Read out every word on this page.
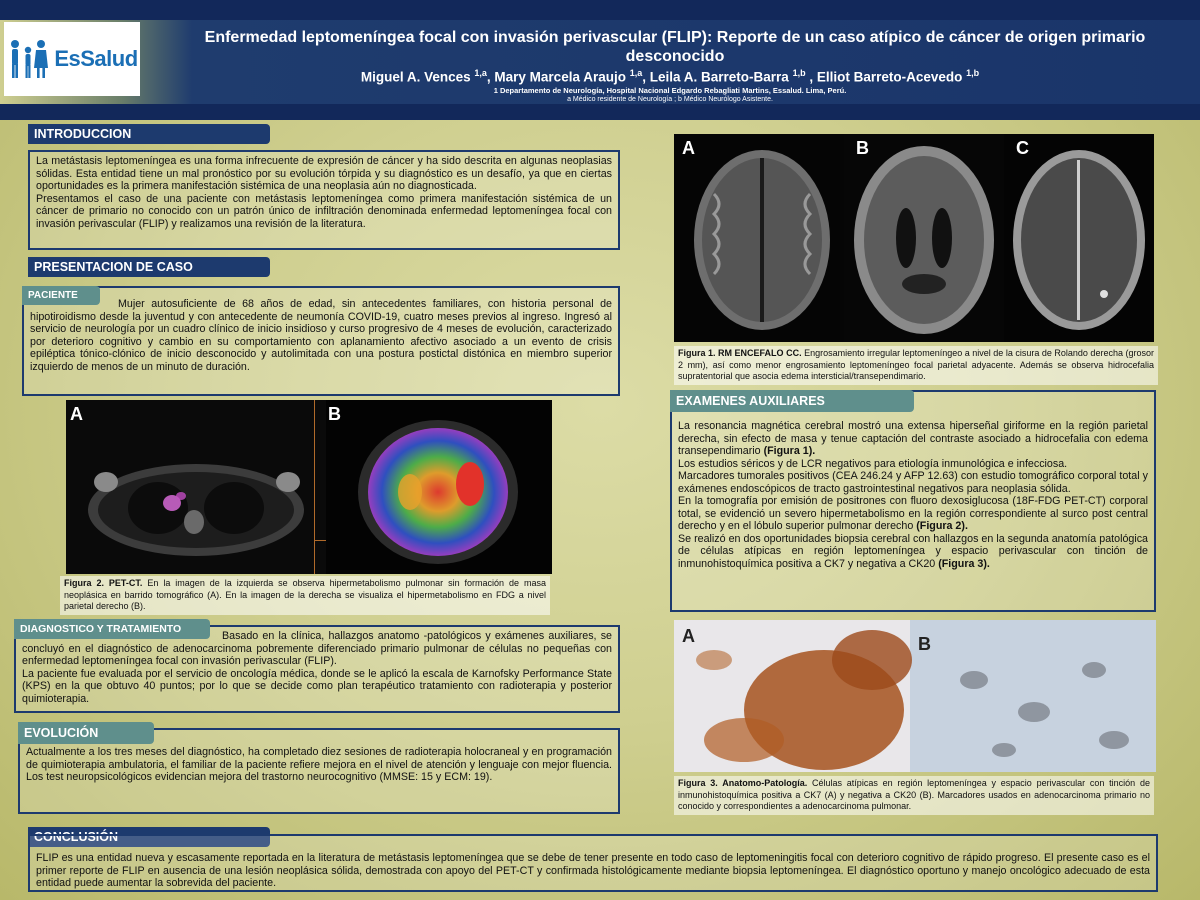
EsSalud
Enfermedad leptomeníngea focal con invasión perivascular (FLIP): Reporte de un caso atípico de cáncer de origen primario
desconocido
Miguel A. Vences $^{1,a}$, Mary Marcela Araujo $^{1,a}$, Leila A. Barreto-Barra $^{1,b}$ , Elliot Barreto-Acevedo $^{1,b}$
1 Departamento de Neurología, Hospital Nacional Edgardo Rebagliati Martins, Essalud. Lima, Perú.
a Médico residente de Neurología ; b Médico Neurólogo Asistente.
INTRODUCCION

La metástasis leptomeníngea es una forma infrecuente de expresión de cáncer y ha sido descrita en algunas neoplasias sólidas. Esta entidad tiene un mal pronóstico por su evolución tórpida y su diagnóstico es un desafío, ya que en ciertas oportunidades es la primera manifestación sistémica de una neoplasia aún no diagnosticada.

Presentamos el caso de una paciente con metástasis leptomeníngea como primera manifestación sistémica de un cáncer de primario no conocido con un patrón único de infiltración denominada enfermedad leptomeníngea focal con invasión perivascular (FLIP) y realizamos una revisión de la literatura.

PRESENTACION DE CASO

Mujer autosuficiente de 68 años de edad, sin antecedentes familiares, con historia personal de hipotiroidismo desde la juventud y con antecedente de neumonía COVID-19, cuatro meses previos al ingreso. Ingresó al servicio de neurología por un cuadro clínico de inicio insidioso y curso progresivo de 4 meses de evolución, caracterizado por deterioro cognitivo y cambio en su comportamiento con aplanamiento afectivo asociado a un evento de crisis epiléptica tónico-clónico de inicio desconocido y autolimitada con una postura postictal distónica en miembro superior izquierdo de menos de un minuto de duración.

PACIENTE
A	B
Figura 2. PET-CT. En la imagen de la izquierda se observa hipermetabolismo pulmonar sin formación de masa neoplásica en barrido tomográfico (A). En la imagen de la derecha se visualiza el hipermetabolismo en FDG a nivel parietal derecho (B).

Basado en la clínica, hallazgos anatomo -patológicos y exámenes auxiliares, se concluyó en el diagnóstico de adenocarcinoma pobremente diferenciado primario pulmonar de células no pequeñas con enfermedad leptomeníngea focal con invasión perivascular (FLIP).

La paciente fue evaluada por el servicio de oncología médica, donde se le aplicó la escala de Karnofsky Performance State (KPS) en la que obtuvo 40 puntos; por lo que se decide como plan terapéutico tratamiento con radioterapia y posterior quimioterapia.

DIAGNOSTICO Y TRATAMIENTO

Actualmente a los tres meses del diagnóstico, ha completado diez sesiones de radioterapia holocraneal y en programación de quimioterapia ambulatoria, el familiar de la paciente refiere mejora en el nivel de atención y lenguaje con mejor fluencia. Los test neuropsicológicos evidencian mejora del trastorno neurocognitivo (MMSE: 15 y ECM: 19).

EVOLUCIÓN
A	B	C
Figura 1. RM ENCEFALO CC. Engrosamiento irregular leptomeníngeo a nivel de la cisura de Rolando derecha (grosor 2 mm), así como menor engrosamiento leptomeníngeo focal parietal adyacente. Además se observa hidrocefalia supratentorial que asocia edema intersticial/transependimario.

La resonancia magnética cerebral mostró una extensa hiperseñal giriforme en la región parietal derecha, sin efecto de masa y tenue captación del contraste asociado a hidrocefalia con edema transependimario (Figura 1).

Los estudios séricos y de LCR negativos para etiología inmunológica e infecciosa.

Marcadores tumorales positivos (CEA 246.24 y AFP 12.63) con estudio tomográfico corporal total y exámenes endoscópicos de tracto gastrointestinal negativos para neoplasia sólida.

En la tomografía por emisión de positrones con fluoro dexosiglucosa (18F-FDG PET-CT) corporal total, se evidenció un severo hipermetabolismo en la región correspondiente al surco post central derecho y en el lóbulo superior pulmonar derecho (Figura 2).

Se realizó en dos oportunidades biopsia cerebral con hallazgos en la segunda anatomía patológica de células atípicas en región leptomeníngea y espacio perivascular con tinción de inmunohistoquímica positiva a CK7 y negativa a CK20 (Figura 3).

EXAMENES AUXILIARES
A	B
Figura 3. Anatomo-Patología. Células atípicas en región leptomeníngea y espacio perivascular con tinción de inmunohistoquímica positiva a CK7 (A) y negativa a CK20 (B). Marcadores usados en adenocarcinoma primario no conocido y correspondientes a adenocarcinoma pulmonar.
CONCLUSIÓN

FLIP es una entidad nueva y escasamente reportada en la literatura de metástasis leptomeníngea que se debe de tener presente en todo caso de leptomeningitis focal con deterioro cognitivo de rápido progreso. El presente caso es el primer reporte de FLIP en ausencia de una lesión neoplásica sólida, demostrada con apoyo del PET-CT y confirmada histológicamente mediante biopsia leptomeníngea. El diagnóstico oportuno y manejo oncológico adecuado de esta entidad puede aumentar la sobrevida del paciente.
